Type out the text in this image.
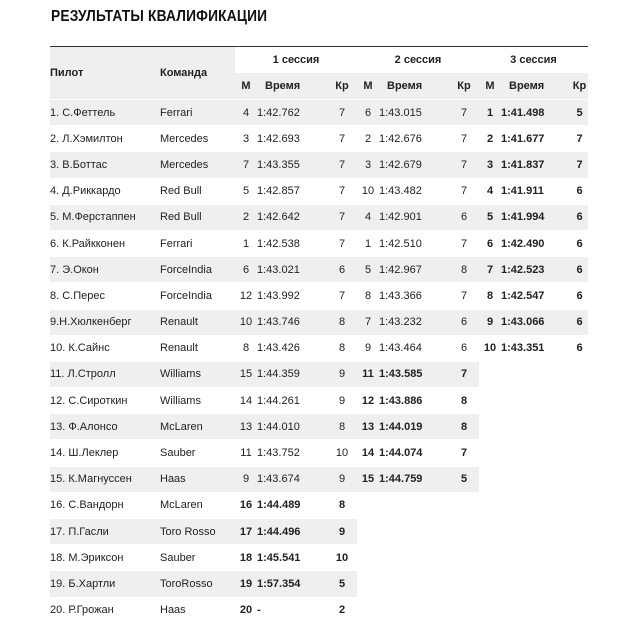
РЕЗУЛЬТАТЫ КВАЛИФИКАЦИИ
Пилот	Команда	1 сессия			2 сессия			3 сессия		
		М	Время	Кр	М	Время	Кр	М	Время	Кр
1. С.Феттель	Ferrari	4	1:42.762	7	6	1:43.015	7	1	1:41.498	5
2. Л.Хэмилтон	Mercedes	3	1:42.693	7	2	1:42.676	7	2	1:41.677	7
3. В.Боттас	Mercedes	7	1:43.355	7	3	1:42.679	7	3	1:41.837	7
4. Д.Риккардо	Red Bull	5	1:42.857	7	10	1:43.482	7	4	1:41.911	6
5. М.Ферстаппен	Red Bull	2	1:42.642	7	4	1:42.901	6	5	1:41.994	6
6. К.Райкконен	Ferrari	1	1:42.538	7	1	1:42.510	7	6	1:42.490	6
7. Э.Окон	ForceIndia	6	1:43.021	6	5	1:42.967	8	7	1:42.523	6
8. С.Перес	ForceIndia	12	1:43.992	7	8	1:43.366	7	8	1:42.547	6
9.Н.Хюлкенберг	Renault	10	1:43.746	8	7	1:43.232	6	9	1:43.066	6
10. К.Сайнс	Renault	8	1:43.426	8	9	1:43.464	6	10	1:43.351	6
11. Л.Стролл	Williams	15	1:44.359	9	11	1:43.585	7			
12. С.Сироткин	Williams	14	1:44.261	9	12	1:43.886	8			
13. Ф.Алонсо	McLaren	13	1:44.010	8	13	1:44.019	8			
14. Ш.Леклер	Sauber	11	1:43.752	10	14	1:44.074	7			
15. К.Магнуссен	Haas	9	1:43.674	9	15	1:44.759	5			
16. С.Вандорн	McLaren	16	1:44.489	8						
17. П.Гасли	Toro Rosso	17	1:44.496	9						
18. М.Эриксон	Sauber	18	1:45.541	10						
19. Б.Хартли	ToroRosso	19	1:57.354	5						
20. Р.Грожан	Haas	20	-	2						
